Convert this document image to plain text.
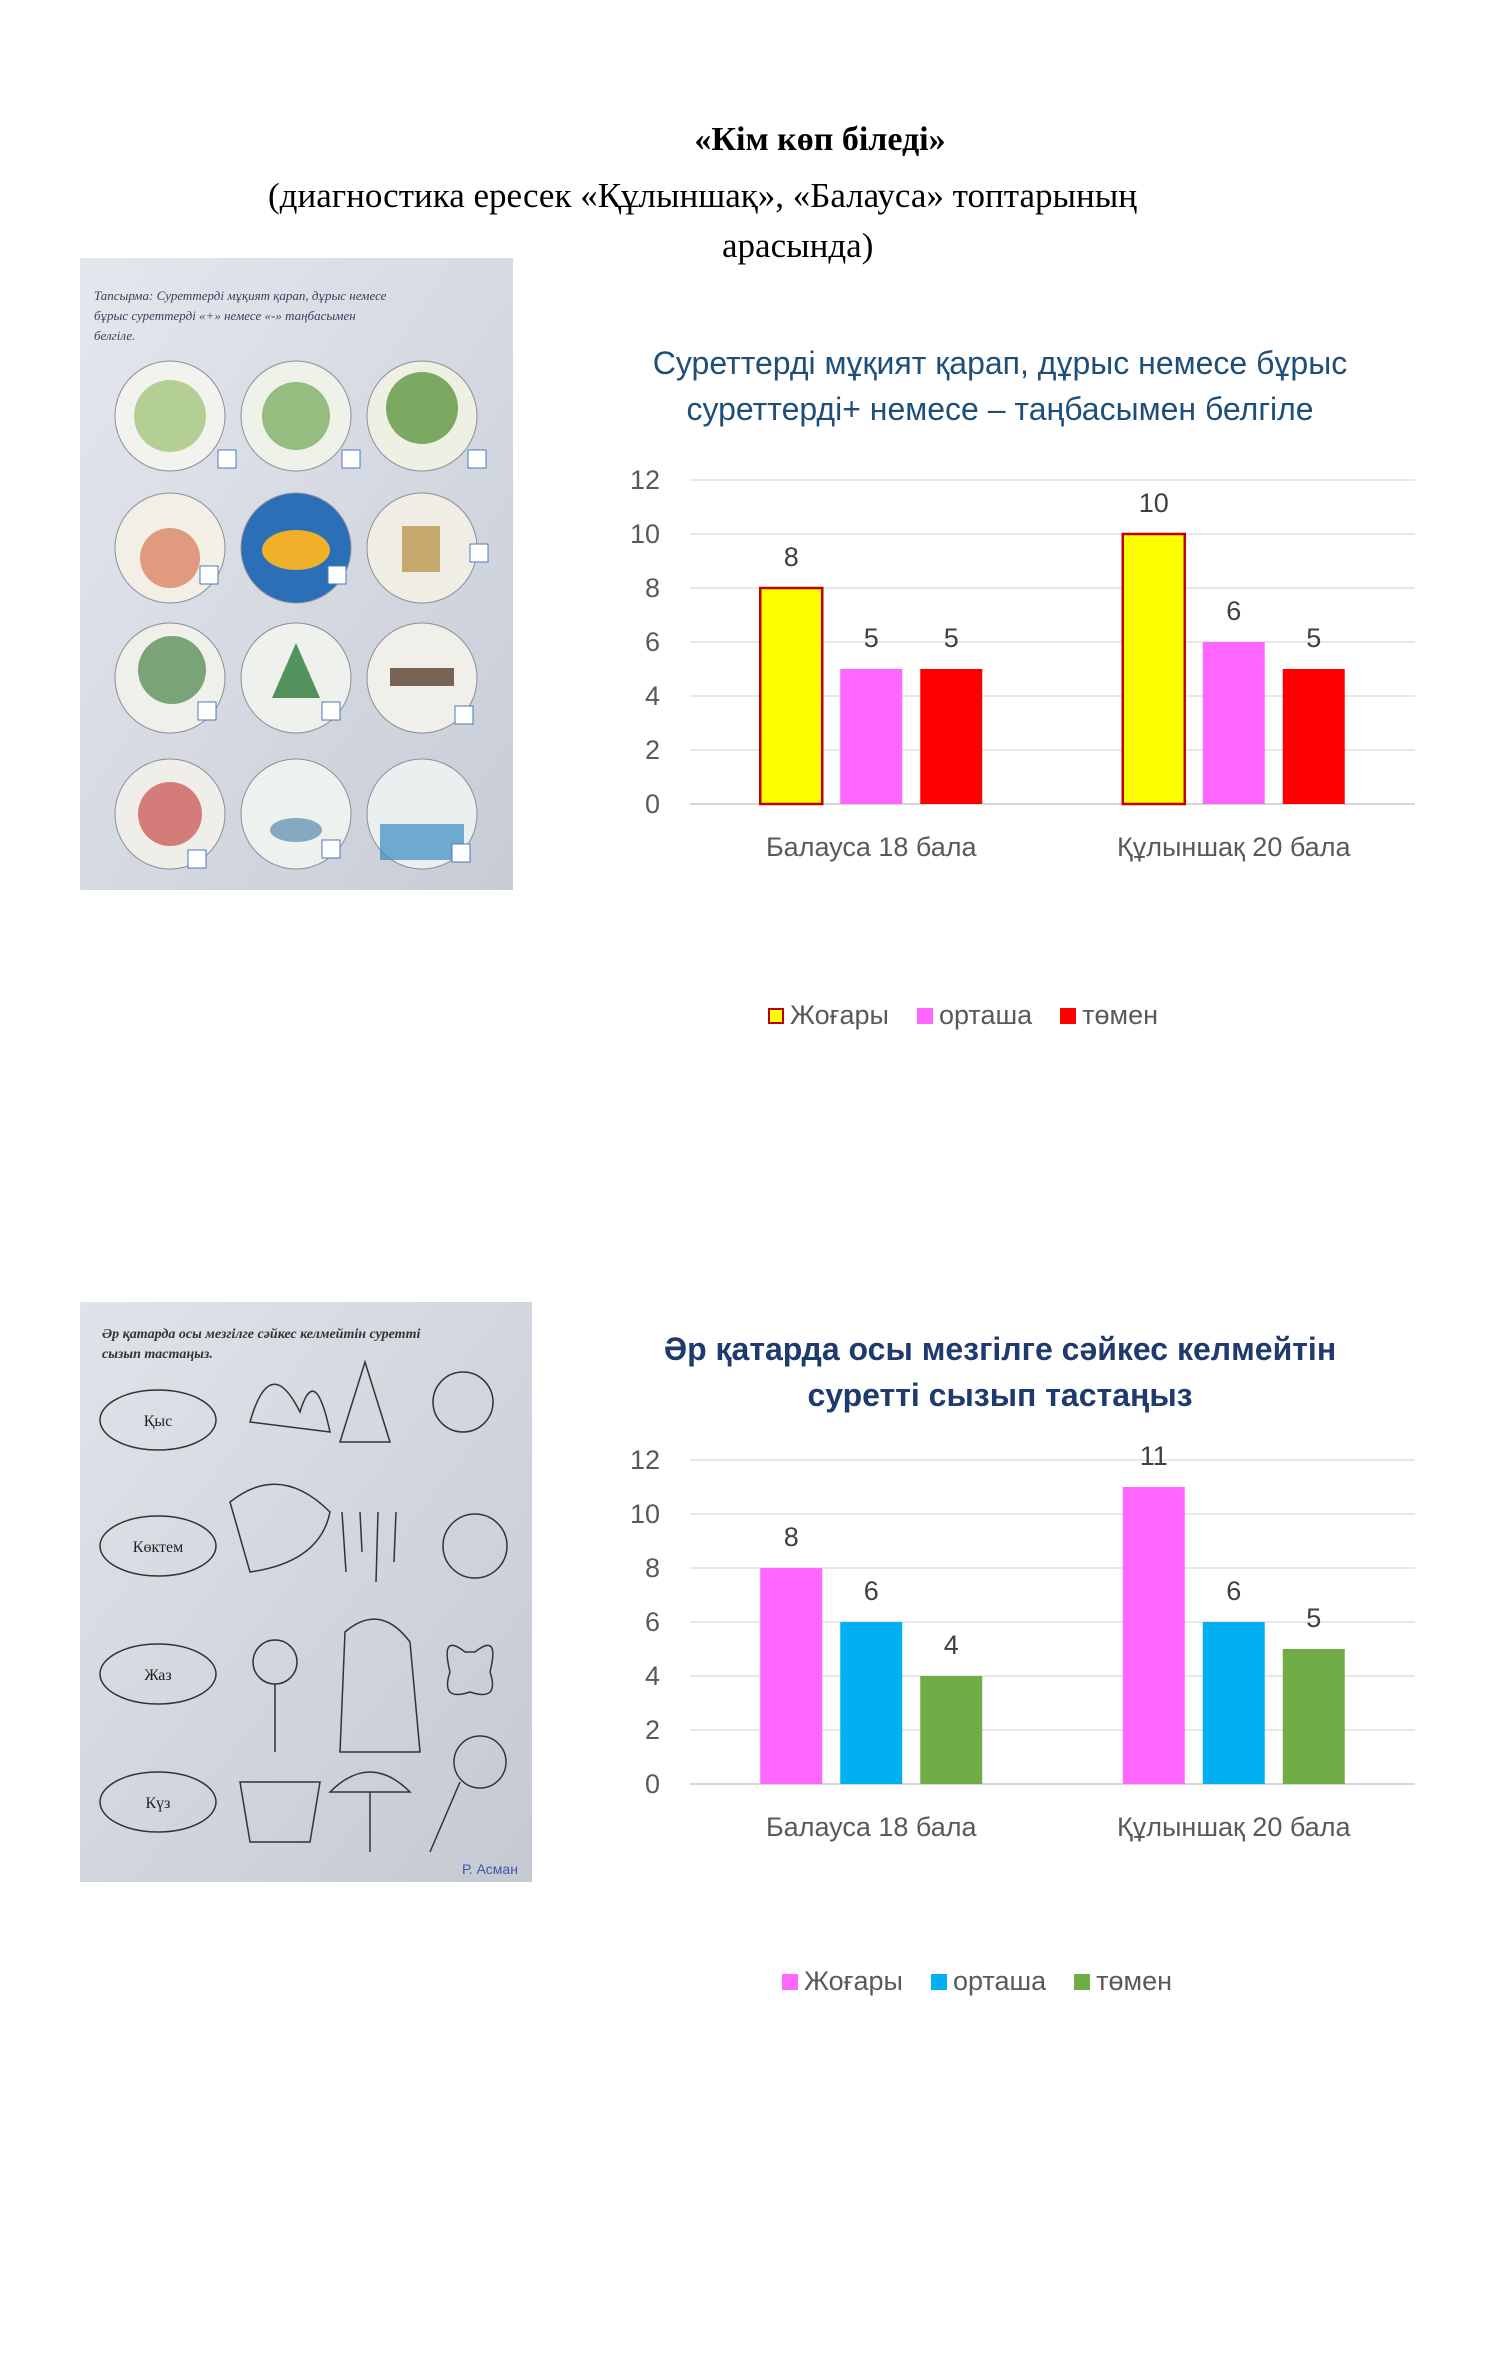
«Кім көп біледі»
(диагностика ересек «Құлыншақ», «Балауса» топтарының
арасында)
Тапсырма: Суреттерді мұқият қарап, дұрыс немесе
бұрыс суреттерді «+» немесе «-» таңбасымен
белгіле.
Суреттерді мұқият қарап, дұрыс немесе бұрыс
суреттерді+ немесе – таңбасымен белгіле
0
2
4
6
8
10
12
8
5 5
Балауса 18 бала
10
6
5
Құлыншақ 20 бала
Жоғары орташа төмен
Әр қатарда осы мезгілге сәйкес келмейтін суретті
сызып тастаңыз.
Қыс
Көктем
Жаз
Күз
Р. Асман
Әр қатарда осы мезгілге сәйкес келмейтін
суретті сызып тастаңыз
0
2
4
6
8
10
12
8
6
4
Балауса 18 бала
11
6
5
Құлыншақ 20 бала
Жоғары орташа төмен
